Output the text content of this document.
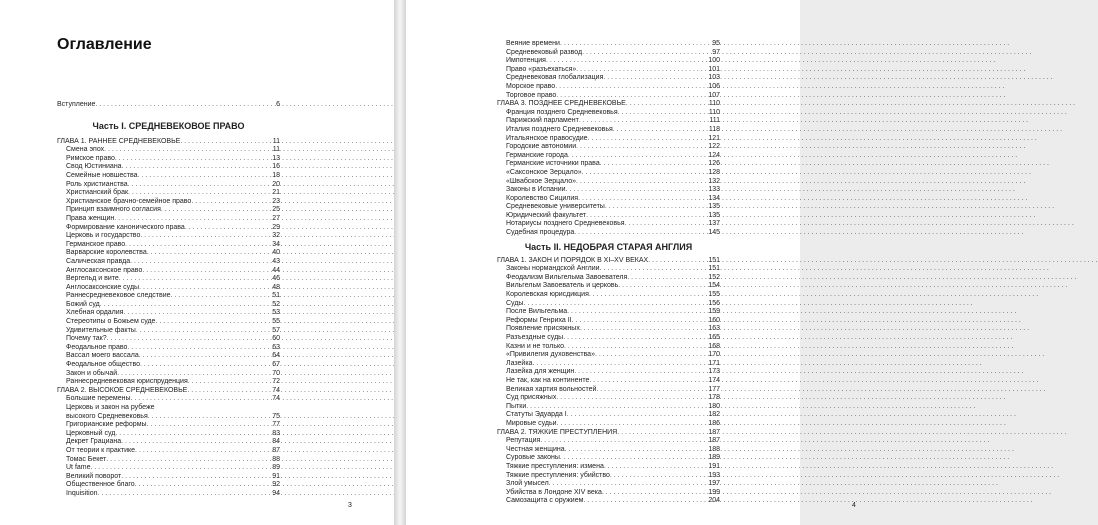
Оглавление
Вступление . . .	6
Часть I. СРЕДНЕВЕКОВОЕ ПРАВО
ГЛАВА 1. РАННЕЕ СРЕДНЕВЕКОВЬЕ . . .	11
Смена эпох . . .	11
Римское право . . .	13
Свод Юстиниана . . .	16
Семейные новшества . . .	18
Роль христианства . . .	20
Христианский брак . . .	21
Христианское брачно-семейное право . . .	23
Принцип взаимного согласия . . .	25
Права женщин . . .	27
Формирование канонического права . . .	29
Церковь и государство . . .	32
Германское право . . .	34
Варварские королевства . . .	40
Салическая правда . . .	43
Англосаксонское право . . .	44
Вергельд и вите . . .	46
Англосаксонские суды . . .	48
Раннесредневековое следствие . . .	51
Божий суд . . .	52
Хлебная ордалия . . .	53
Стереотипы о Божьем суде . . .	55
Удивительные факты . . .	57
Почему так? . . .	60
Феодальное право . . .	63
Вассал моего вассала . . .	64
Феодальное общество . . .	67
Закон и обычай . . .	70
Раннесредневековая юриспруденция . . .	72
ГЛАВА 2. ВЫСОКОЕ СРЕДНЕВЕКОВЬЕ . . .	74
Большие перемены . . .	74
Церковь и закон на рубеже
высокого Средневековья . . .	75
Григорианские реформы . . .	77
Церковный суд . . .	83
Декрет Грациана . . .	84
От теории к практике . . .	87
Томас Бекет . . .	88
Ut fame . . .	89
Великий поворот . . .	91
Общественное благо . . .	92
Inquisition . . .	94
3
Веяние времени . . .	95
Средневековый развод . . .	97
Импотенция . . .	100
Право «разъехаться» . . .	101
Средневековая глобализация . . .	103
Морское право . . .	106
Торговое право . . .	107
ГЛАВА 3. ПОЗДНЕЕ СРЕДНЕВЕКОВЬЕ . . .	110
Франция позднего Средневековья . . .	110
Парижский парламент . . .	111
Италия позднего Средневековья . . .	118
Итальянское правосудие . . .	121
Городские автономии . . .	122
Германские города . . .	124
Германские источники права . . .	126
«Саксонское Зерцало» . . .	128
«Швабское Зерцало» . . .	132
Законы в Испании . . .	133
Королевство Сицилия . . .	134
Средневековые университеты . . .	135
Юридический факультет . . .	135
Нотариусы позднего Средневековья . . .	137
Судебная процедура . . .	145
Часть II. НЕДОБРАЯ СТАРАЯ АНГЛИЯ
ГЛАВА 1. ЗАКОН И ПОРЯДОК В XI–XV ВЕКАХ . . .	151
Законы нормандской Англии . . .	151
Феодализм Вильгельма Завоевателя . . .	152
Вильгельм Завоеватель и церковь . . .	154
Королевская юрисдикция . . .	155
Суды . . .	156
После Вильгельма . . .	159
Реформы Генриха II . . .	160
Появление присяжных . . .	163
Разъездные суды . . .	165
Казни и не только . . .	168
«Привилегия духовенства» . . .	170
Лазейка . . .	171
Лазейка для женщин . . .	173
Не так, как на континенте . . .	174
Великая хартия вольностей . . .	177
Суд присяжных . . .	178
Пытки . . .	180
Статуты Эдуарда I . . .	182
Мировые судьи . . .	186
ГЛАВА 2. ТЯЖКИЕ ПРЕСТУПЛЕНИЯ . . .	187
Репутация . . .	187
Честная женщина . . .	188
Суровые законы . . .	189
Тяжкие преступления: измена . . .	191
Тяжкие преступления: убийство . . .	193
Злой умысел . . .	197
Убийства в Лондоне XIV века . . .	199
Самозащита с оружием . . .	204
4
